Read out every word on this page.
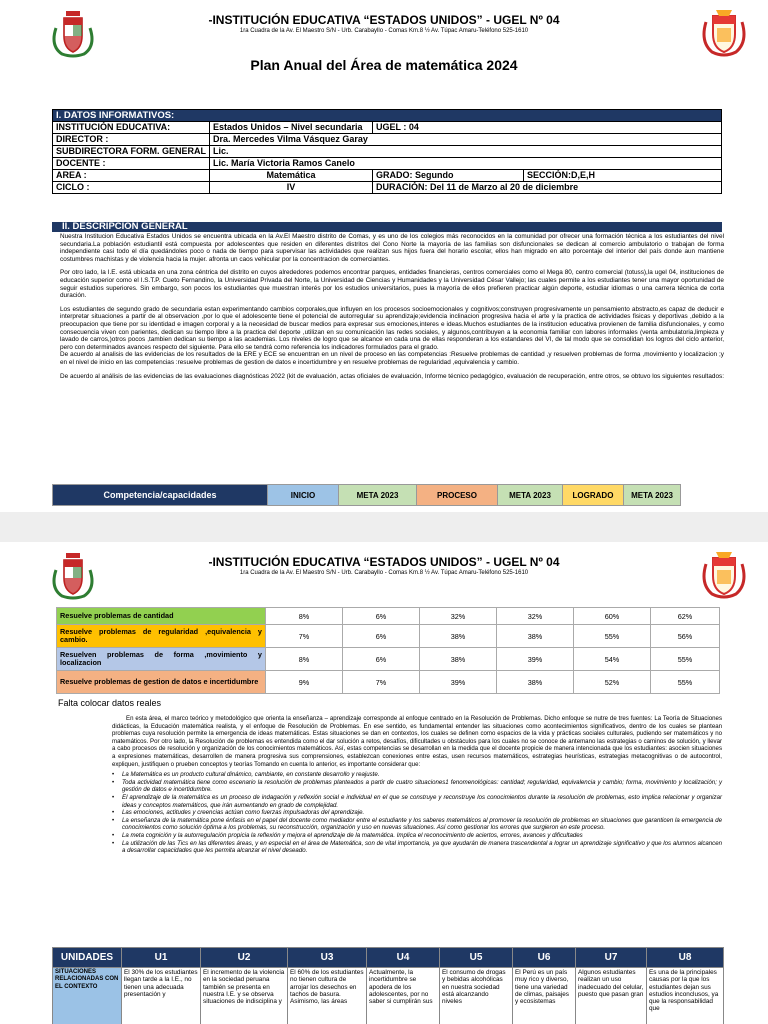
-INSTITUCIÓN EDUCATIVA “ESTADOS UNIDOS” - UGEL Nº 04
1ra Cuadra de la Av. El Maestro S/N - Urb. Carabayllo - Comas Km.8 ½ Av. Túpac Amaru-Teléfono 525-1610
Plan Anual del Área de matemática 2024
I. DATOS INFORMATIVOS:			
INSTITUCIÓN EDUCATIVA:	Estados Unidos – Nivel secundaria	UGEL : 04	
DIRECTOR :	Dra. Mercedes Vilma Vásquez Garay		
SUBDIRECTORA FORM. GENERAL	Lic.		
DOCENTE :	Lic. María Victoria Ramos Canelo		
AREA :	Matemática	GRADO: Segundo	SECCIÓN:D,E,H
CICLO :	IV	DURACIÓN: Del 11 de Marzo al 20 de diciembre	
II. DESCRIPCIÓN GENERAL

Nuestra Institucion Educativa Estados Unidos se encuentra ubicada en la Av.El Maestro distrito de Comas, y es uno de los colegios más reconocidos en la comunidad por ofrecer una formación técnica a los estudiantes del nivel secundaria.La población estudiantil está compuesta por adolescentes que residen en diferentes distritos del Cono Norte la mayoría de las familias son disfuncionales se dedican al comercio ambulatorio o trabajan de forma independiente casi todo el día quedándoles poco o nada de tiempo para supervisar las actividades que realizan sus hijos fuera del horario escolar, ellos han migrado en alto porcentaje del interior del país donde aun mantiene costumbres machistas y de violencia hacia la mujer. afronta un caos vehicular por la concentracion de comerciantes.

Por otro lado, la I.E. está ubicada en una zona céntrica del distrito en cuyos alrededores podemos encontrar parques, entidades financieras, centros comerciales como el Mega 80, centro comercial (totuss),la ugel 04, instituciones de educación superior como el I.S.T.P. Cueto Fernandino, la Universidad Privada del Norte, la Universidad de Ciencias y Humanidades y la Universidad César Vallejo; las cuales permite a los estudiantes tener una mayor oportunidad de seguir estudios superiores. Sin embargo, son pocos los estudiantes que muestran interés por los estudios universitarios, pues la mayoría de ellos prefieren practicar algún deporte, estudiar idiomas o una carrera técnica de corta duración.

Los estudiantes de segundo grado de secundaria estan experimentando cambios corporales,que influyen en los procesos socioemocionales y cognitivos;construyen progresivamente un pensamiento abstracto,es capaz de deducir e interpretar situaciones a partir de al observacion ,por lo que el adolescente tiene el potencial de autorregular su aprendizaje;evidencia inclinacion progresiva hacia el arte y la practica de actividades fisicas y deportivas ,debido a la preocupacion que tiene por su identidad e imagen corporal y a la necesidad de buscar medios para expresar sus emociones,interes e ideas.Muchos estudiantes de la institucion educativa provienen de familia disfuncionales, y como consecuencia viven con parientes, dedican su tiempo libre a la practica del deporte ,utilizan en su comunicación las redes sociales, y algunos,contribuyen a la economia familiar con labores informales (venta ambulatoria,limpieza y lavado de carros,)otros pocos ,tambien dedican su tiempo a las academias. Los niveles de logro que se alcance en cada una de ellas responderan a los estandares del VI, de tal modo que se consolidan los logros del ciclo anterior, pero con determinados avances respecto del siguiente. Para ello se tendrá como referencia los indicadores formulados para el grado.

De acuerdo al analisis de las evidencias de los resultados de la ERE y ECE se encuentran en un nivel de proceso en las competencias :Resuelve problemas de cantidad ,y resuelven problemas de forma ,movimiento y localizacion ;y en el nivel de inicio en las competencias :resuelve problemas de gestion de datos e incertidumbre y en resuelve problemas de regularidad ,equivalencia y cambio.

De acuerdo al análisis de las evidencias de las evaluaciones diagnósticas 2022 (kit de evaluación, actas oficiales de evaluación, Informe técnico pedagógico, evaluación de recuperación, entre otros, se obtuvo los siguientes resultados:

Competencia/capacidades	INICIO	META 2023	PROCESO	META 2023	LOGRADO	META 2023
-INSTITUCIÓN EDUCATIVA “ESTADOS UNIDOS” - UGEL Nº 04
1ra Cuadra de la Av. El Maestro S/N - Urb. Carabayllo - Comas Km.8 ½ Av. Túpac Amaru-Teléfono 525-1610
Resuelve problemas de cantidad	8%	6%	32%	32%	60%	62%
Resuelve problemas de regularidad ,equivalencia y cambio.	7%	6%	38%	38%	55%	56%
Resuelven problemas de forma ,movimiento y localizacion	8%	6%	38%	39%	54%	55%
Resuelve problemas de gestion de datos e incertidumbre	9%	7%	39%	38%	52%	55%
Falta colocar datos reales

En esta área, el marco teórico y metodológico que orienta la enseñanza – aprendizaje corresponde al enfoque centrado en la Resolución de Problemas. Dicho enfoque se nutre de tres fuentes: La Teoría de Situaciones didácticas, la Educación matemática realista, y el enfoque de Resolución de Problemas. En ese sentido, es fundamental entender las situaciones como acontecimientos significativos, dentro de los cuales se plantean problemas cuya resolución permite la emergencia de ideas matemáticas. Estas situaciones se dan en contextos, los cuales se definen como espacios de la vida y prácticas sociales culturales, pudiendo ser matemáticos y no matemáticos. Por otro lado, la Resolución de problemas es entendida como el dar solución a retos, desafíos, dificultades u obstáculos para los cuales no se conoce de antemano las estrategias o caminos de solución, y llevar a cabo procesos de resolución y organización de los conocimientos matemáticos. Así, estas competencias se desarrollan en la medida que el docente propicie de manera intencionada que los estudiantes: asocien situaciones a expresiones matemáticas, desarrollen de manera progresiva sus comprensiones, establezcan conexiones entre estas, usen recursos matemáticos, estrategias heurísticas, estrategias metacognitivas o de autocontrol, expliquen, justifiquen o prueben conceptos y teorías Tomando en cuenta lo anterior, es importante considerar que:

• La Matemática es un producto cultural dinámico, cambiante, en constante desarrollo y reajuste.
• Toda actividad matemática tiene como escenario la resolución de problemas planteados a partir de cuatro situaciones1 fenomenológicas: cantidad; regularidad, equivalencia y cambio; forma, movimiento y localización; y gestión de datos e incertidumbre.
• El aprendizaje de la matemática es un proceso de indagación y reflexión social e individual en el que se construye y reconstruye los conocimientos durante la resolución de problemas, esto implica relacionar y organizar ideas y conceptos matemáticos, que irán aumentando en grado de complejidad.
• Las emociones, actitudes y creencias actúan como fuerzas impulsadoras del aprendizaje.
• La enseñanza de la matemática pone énfasis en el papel del docente como mediador entre el estudiante y los saberes matemáticos al promover la resolución de problemas en situaciones que garanticen la emergencia de conocimientos como solución óptima a los problemas, su reconstrucción, organización y uso en nuevas situaciones. Así como gestionar los errores que surgieron en este proceso.
• La meta cognición y la autorregulación propicia la reflexión y mejora el aprendizaje de la matemática. Implica el reconocimiento de aciertos, errores, avances y dificultades
• La utilización de las Tics en las diferentes áreas, y en especial en el área de Matemática, son de vital importancia, ya que ayudarán de manera trascendental a lograr un aprendizaje significativo y que los alumnos alcancen a desarrollar capacidades que les permita alcanzar el nivel deseado.
UNIDADES	U1	U2	U3	U4	U5	U6	U7	U8
SITUACIONES RELACIONADAS CON EL CONTEXTO	El 30% de los estudiantes llegan tarde a la I.E., no tienen una adecuada presentación y	El incremento de la violencia en la sociedad peruana también se presenta en nuestra I.E. y se observa situaciones de indisciplina y	El 60% de los estudiantes no tienen cultura de arrojar los desechos en tachos de basura. Asimismo, las áreas	Actualmente, la incertidumbre se apodera de los adolescentes, por no saber si cumplirán sus	El consumo de drogas y bebidas alcohólicas en nuestra sociedad está alcanzando niveles	El Perú es un país muy rico y diverso, tiene una variedad de climas, paisajes y ecosistemas	Algunos estudiantes realizan un uso inadecuado del celular, puesto que pasan gran	Es una de la principales causas por la que los estudiantes dejan sus estudios inconclusos, ya que la responsabilidad que
